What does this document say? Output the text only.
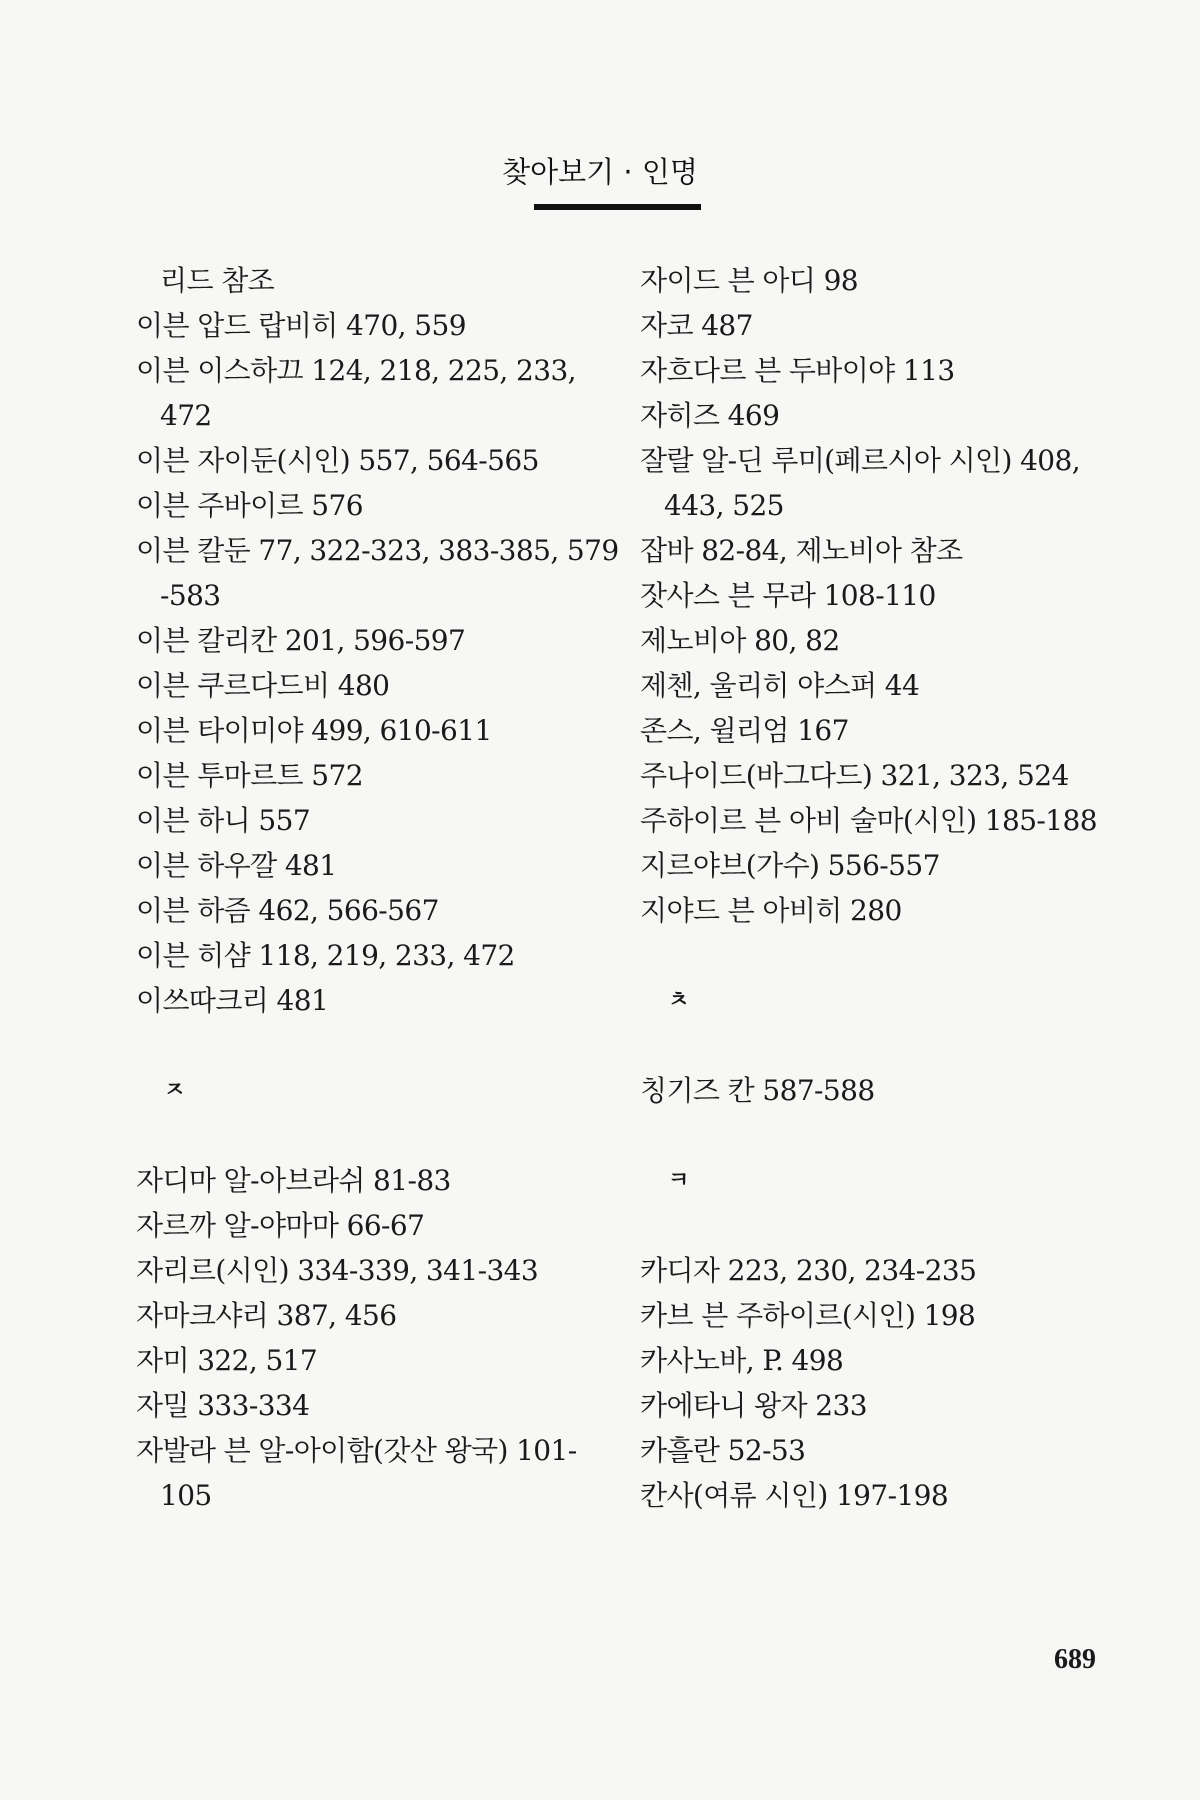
찾아보기 · 인명
리드 참조
이븐 압드 랍비히 470, 559
이븐 이스하끄 124, 218, 225, 233,
472
이븐 자이둔(시인) 557, 564-565
이븐 주바이르 576
이븐 칼둔 77, 322-323, 383-385, 579
-583
이븐 칼리칸 201, 596-597
이븐 쿠르다드비 480
이븐 타이미야 499, 610-611
이븐 투마르트 572
이븐 하니 557
이븐 하우깔 481
이븐 하즘 462, 566-567
이븐 히샴 118, 219, 233, 472
이쓰따크리 481
ㅈ
자디마 알-아브라쉬 81-83
자르까 알-야마마 66-67
자리르(시인) 334-339, 341-343
자마크샤리 387, 456
자미 322, 517
자밀 333-334
자발라 븐 알-아이함(갓산 왕국) 101-
105
자이드 븐 아디 98
자코 487
자흐다르 븐 두바이야 113
자히즈 469
잘랄 알-딘 루미(페르시아 시인) 408,
443, 525
잡바 82-84, 제노비아 참조
잣사스 븐 무라 108-110
제노비아 80, 82
제첸, 울리히 야스퍼 44
존스, 윌리엄 167
주나이드(바그다드) 321, 323, 524
주하이르 븐 아비 술마(시인) 185-188
지르야브(가수) 556-557
지야드 븐 아비히 280
ㅊ
칭기즈 칸 587-588
ㅋ
카디자 223, 230, 234-235
카브 븐 주하이르(시인) 198
카사노바, P. 498
카에타니 왕자 233
카흘란 52-53
칸사(여류 시인) 197-198
689
